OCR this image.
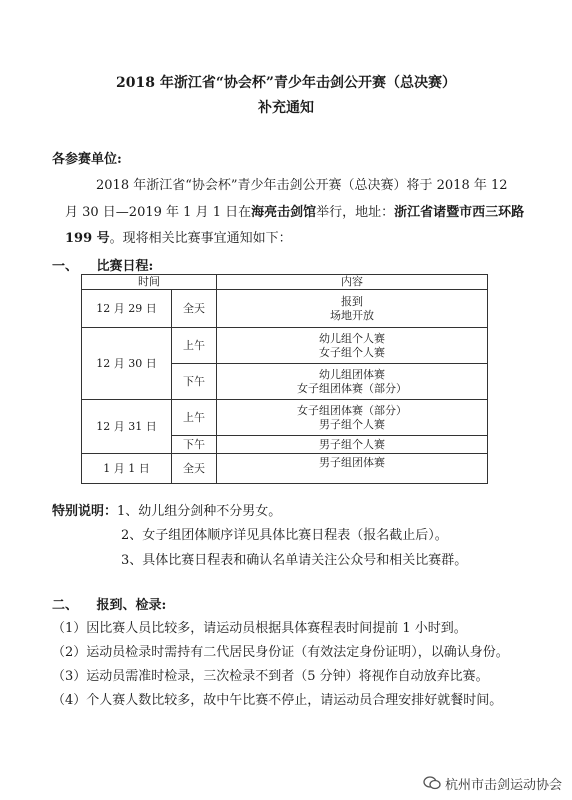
2018 年浙江省“协会杯”青少年击剑公开赛（总决赛）
补充通知
各参赛单位:
2018 年浙江省“协会杯”青少年击剑公开赛（总决赛）将于 2018 年 12
月 30 日—2019 年 1 月 1 日在海亮击剑馆举行，地址：浙江省诸暨市西三环路
199 号。现将相关比赛事宜通知如下：
一、 比赛日程:
时间		内容
12 月 29 日	全天	报到
场地开放

12 月 30 日	上午	幼儿组个人赛
女子组个人赛

	下午	幼儿组团体赛
女子组团体赛（部分）

12 月 31 日	上午	女子组团体赛（部分）
男子组个人赛

	下午	男子组个人赛
1 月 1 日	全天	男子组团体赛
特别说明：1、幼儿组分剑种不分男女。
2、女子组团体顺序详见具体比赛日程表（报名截止后）。
3、具体比赛日程表和确认名单请关注公众号和相关比赛群。
二、 报到、检录:
（1）因比赛人员比较多，请运动员根据具体赛程表时间提前 1 小时到。
（2）运动员检录时需持有二代居民身份证（有效法定身份证明），以确认身份。
（3）运动员需准时检录，三次检录不到者（5 分钟）将视作自动放弃比赛。
（4）个人赛人数比较多，故中午比赛不停止，请运动员合理安排好就餐时间。
杭州市击剑运动协会
